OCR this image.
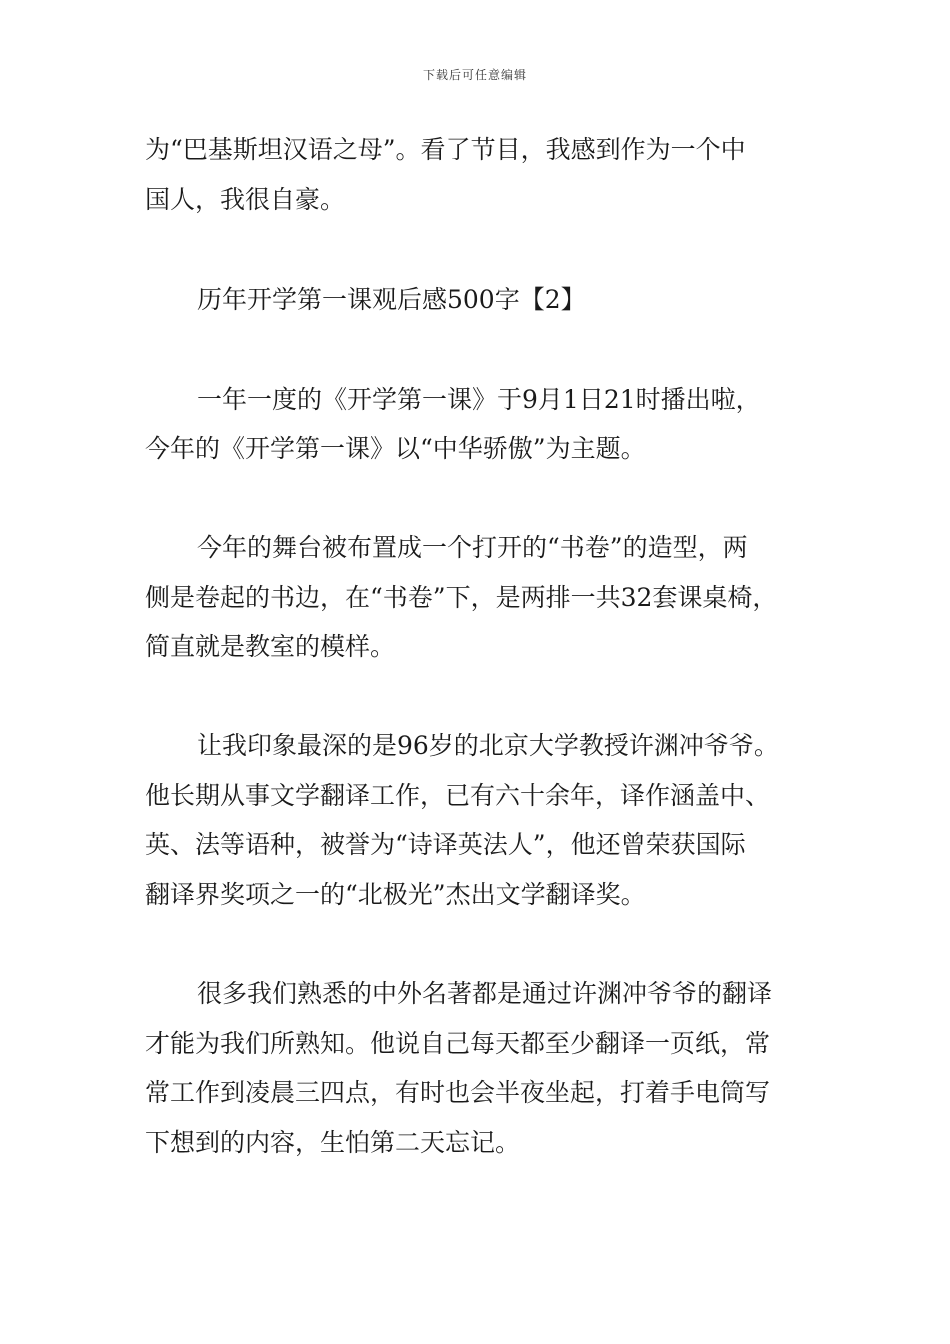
下载后可任意编辑
为“巴基斯坦汉语之母”。看了节目，我感到作为一个中
国人，我很自豪。
历年开学第一课观后感500字【2】
一年一度的《开学第一课》于9月1日21时播出啦，
今年的《开学第一课》以“中华骄傲”为主题。
今年的舞台被布置成一个打开的“书卷”的造型，两
侧是卷起的书边，在“书卷”下，是两排一共32套课桌椅，
简直就是教室的模样。
让我印象最深的是96岁的北京大学教授许渊冲爷爷。
他长期从事文学翻译工作，已有六十余年，译作涵盖中、
英、法等语种，被誉为“诗译英法人”，他还曾荣获国际
翻译界奖项之一的“北极光”杰出文学翻译奖。
很多我们熟悉的中外名著都是通过许渊冲爷爷的翻译
才能为我们所熟知。他说自己每天都至少翻译一页纸，常
常工作到凌晨三四点，有时也会半夜坐起，打着手电筒写
下想到的内容，生怕第二天忘记。
